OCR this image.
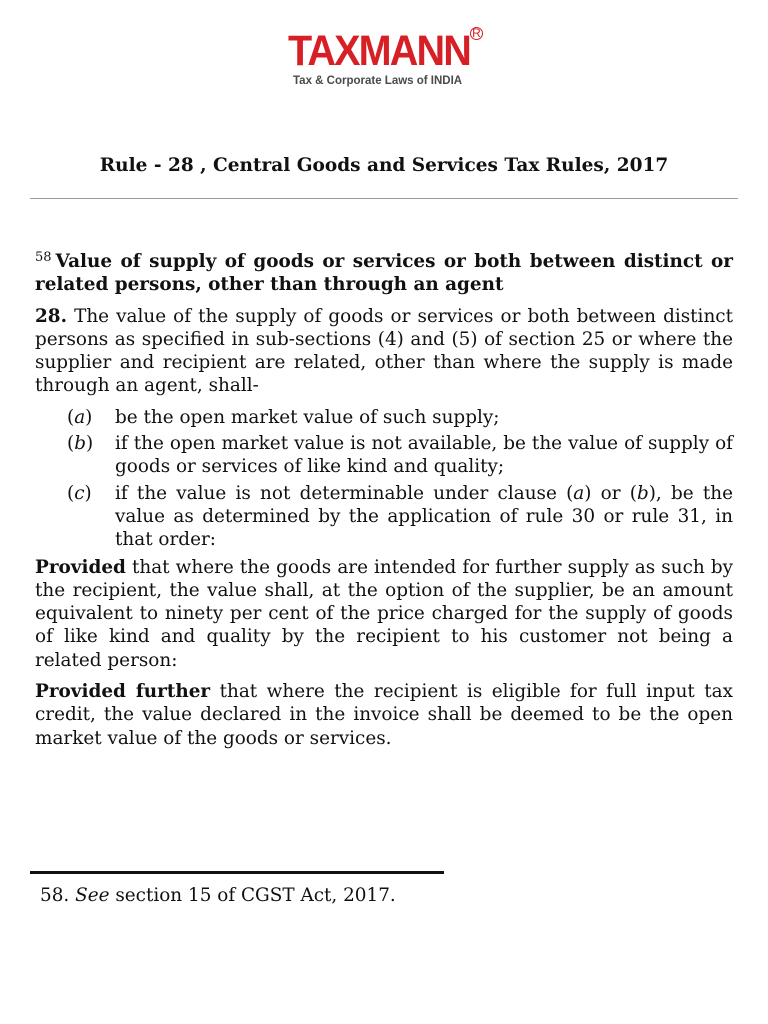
TAXMANN R
Tax & Corporate Laws of INDIA
Rule - 28 , Central Goods and Services Tax Rules, 2017

$^{58}$ Value of supply of goods or services or both between distinct or related persons, other than through an agent

28. The value of the supply of goods or services or both between distinct persons as specified in sub-sections (4) and (5) of section 25 or where the supplier and recipient are related, other than where the supply is made through an agent, shall-

(a)	be the open market value of such supply;
(b)	if the open market value is not available, be the value of supply of goods or services of like kind and quality;
(c)	if the value is not determinable under clause (a) or (b), be the value as determined by the application of rule 30 or rule 31, in that order:

Provided that where the goods are intended for further supply as such by the recipient, the value shall, at the option of the supplier, be an amount equivalent to ninety per cent of the price charged for the supply of goods of like kind and quality by the recipient to his customer not being a related person:

Provided further that where the recipient is eligible for full input tax credit, the value declared in the invoice shall be deemed to be the open market value of the goods or services.

58. See section 15 of CGST Act, 2017.
